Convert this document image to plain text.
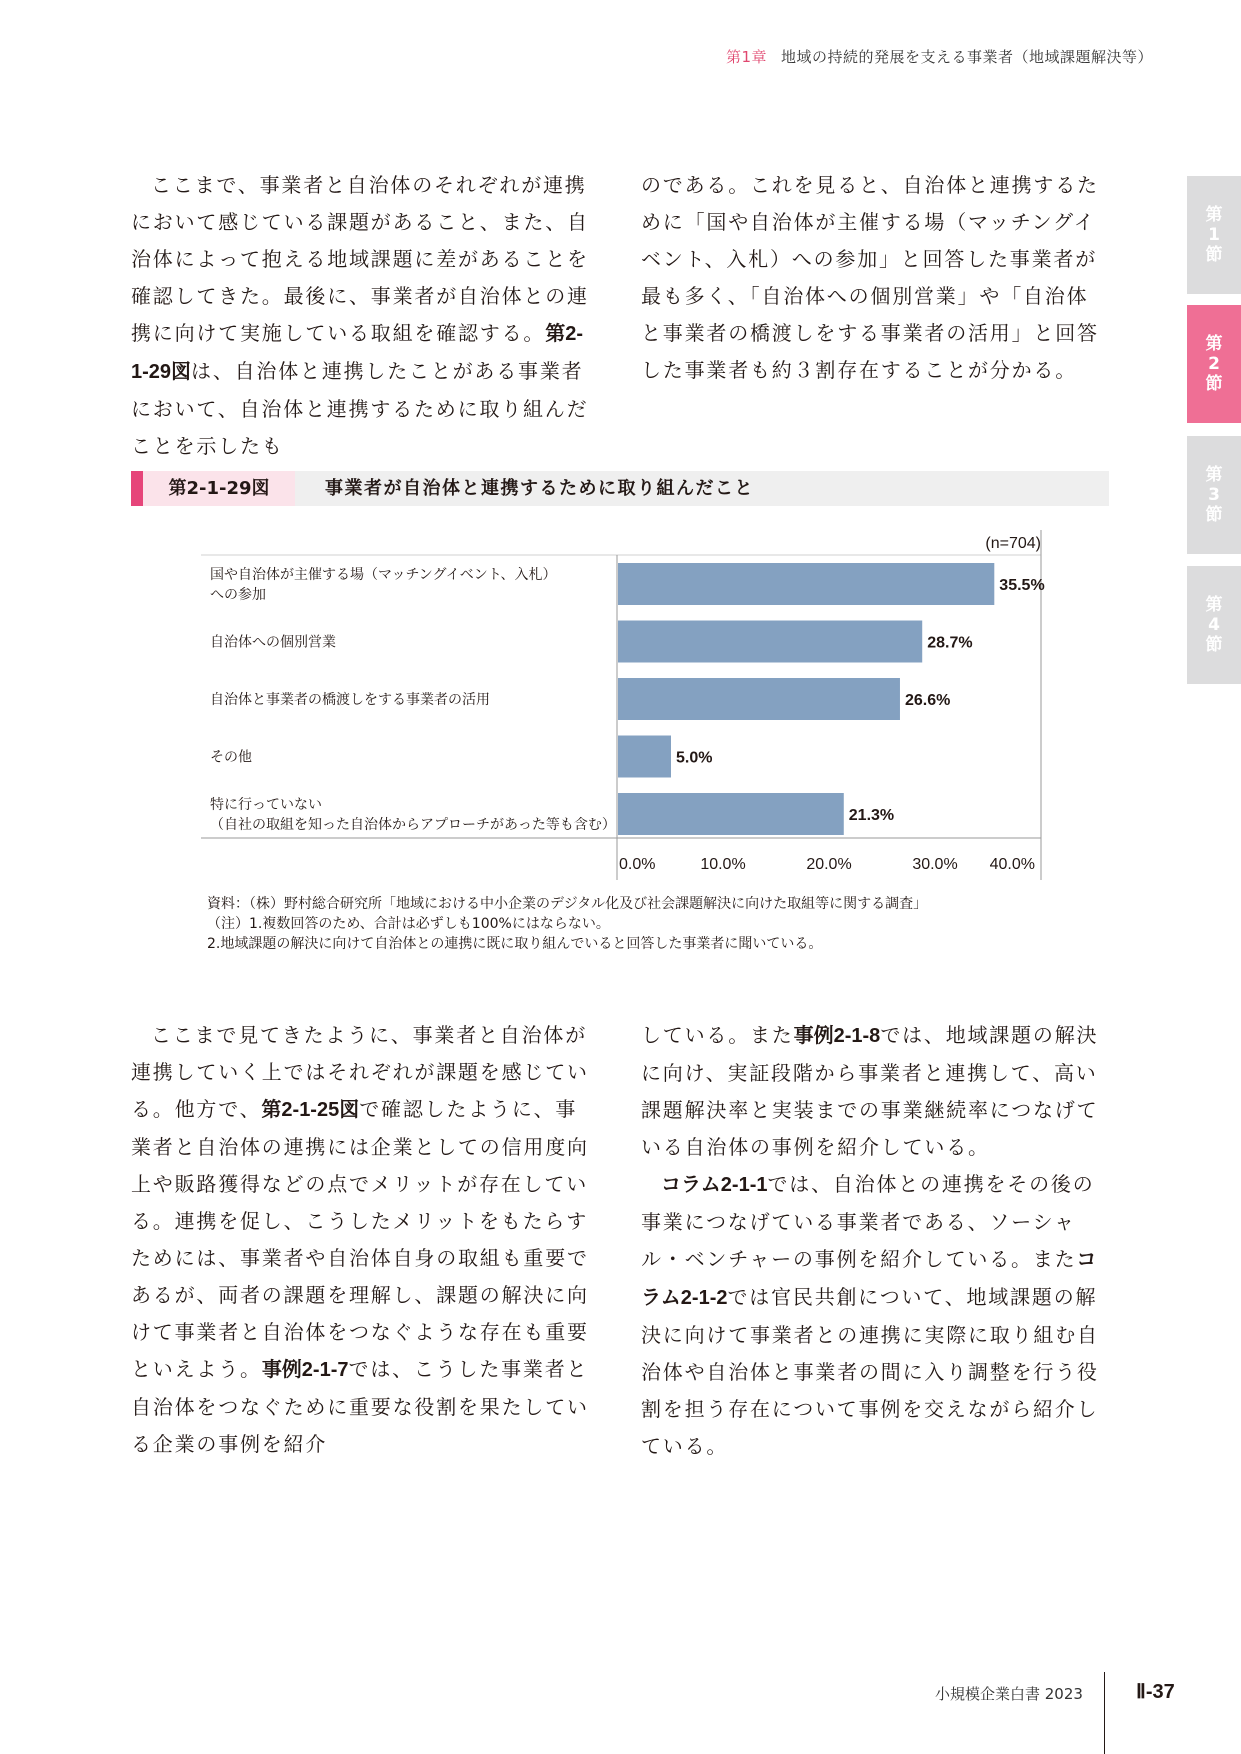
第1章 地域の持続的発展を支える事業者（地域課題解決等）

ここまで、事業者と自治体のそれぞれが連携において感じている課題があること、また、自治体によって抱える地域課題に差があることを確認してきた。最後に、事業者が自治体との連携に向けて実施している取組を確認する。第2-1-29図は、自治体と連携したことがある事業者において、自治体と連携するために取り組んだことを示したも

のである。これを見ると、自治体と連携するために「国や自治体が主催する場（マッチングイベント、入札）への参加」と回答した事業者が最も多く、「自治体への個別営業」や「自治体と事業者の橋渡しをする事業者の活用」と回答した事業者も約３割存在することが分かる。

第
1
節
第
2
節
第
3
節
第
4
節
第2-1-29図	事業者が自治体と連携するために取り組んだこと
(n=704)
0.0%	10.0%	20.0%	30.0% 40.0%
35.5%
国や自治体が主催する場（マッチングイベント、入札）
への参加
28.7%
自治体への個別営業
26.6%
自治体と事業者の橋渡しをする事業者の活用
5.0%
その他
21.3%
特に行っていない
（自社の取組を知った自治体からアプローチがあった等も含む）
資料：（株）野村総合研究所「地域における中小企業のデジタル化及び社会課題解決に向けた取組等に関する調査」
（注）1.複数回答のため、合計は必ずしも100%にはならない。
2.地域課題の解決に向けて自治体との連携に既に取り組んでいると回答した事業者に聞いている。

ここまで見てきたように、事業者と自治体が連携していく上ではそれぞれが課題を感じている。他方で、第2-1-25図で確認したように、事業者と自治体の連携には企業としての信用度向上や販路獲得などの点でメリットが存在している。連携を促し、こうしたメリットをもたらすためには、事業者や自治体自身の取組も重要であるが、両者の課題を理解し、課題の解決に向けて事業者と自治体をつなぐような存在も重要といえよう。事例2-1-7では、こうした事業者と自治体をつなぐために重要な役割を果たしている企業の事例を紹介

している。また事例2-1-8では、地域課題の解決に向け、実証段階から事業者と連携して、高い課題解決率と実装までの事業継続率につなげている自治体の事例を紹介している。

コラム2-1-1では、自治体との連携をその後の事業につなげている事業者である、ソーシャル・ベンチャーの事例を紹介している。またコラム2-1-2では官民共創について、地域課題の解決に向けて事業者との連携に実際に取り組む自治体や自治体と事業者の間に入り調整を行う役割を担う存在について事例を交えながら紹介している。

小規模企業白書 2023	Ⅱ-37
